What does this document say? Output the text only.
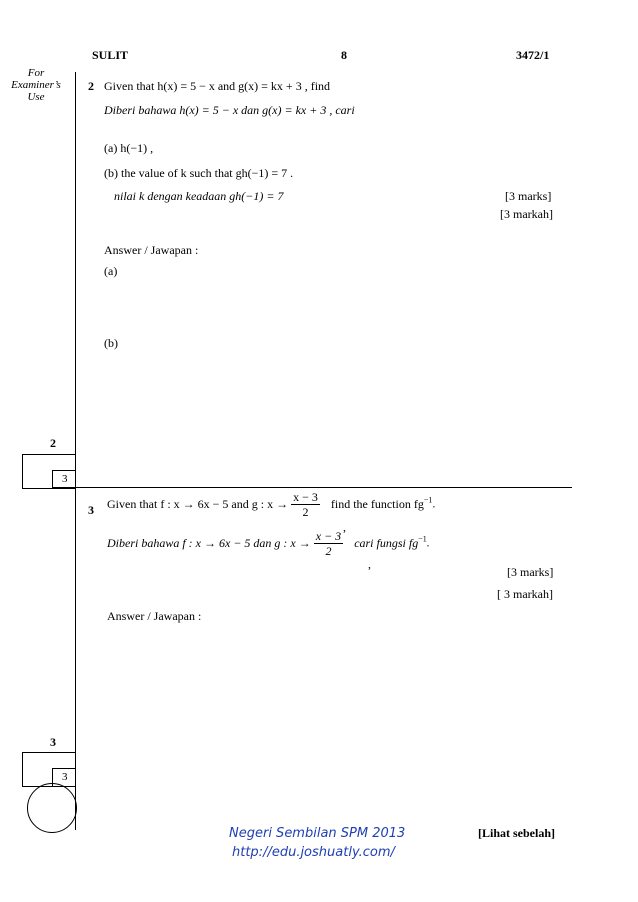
SULIT	8	3472/1
For
Examiner’s
Use
2 Given that h(x) = 5 − x and g(x) = kx + 3 , find
Diberi bahawa h(x) = 5 − x dan g(x) = kx + 3 , cari
(a) h(−1) ,
(b) the value of k such that gh(−1) = 7 .
nilai k dengan keadaan gh(−1) = 7	[3 marks]
[3 markah]
Answer / Jawapan :
(a)
(b)
2
3
3 Given that f : x → 6x − 5 and g : $x \to \frac{x - 3}{2}$ find the function $fg^{-1}$.
,
Diberi bahawa f : x → 6x − 5 dan g : $x \to \frac{x - 3}{2}$ cari fungsi $fg^{-1}$.
,
[3 marks]
[ 3 markah]
Answer / Jawapan :
3
3
Negeri Sembilan SPM 2013
http://edu.joshuatly.com/
[Lihat sebelah]
